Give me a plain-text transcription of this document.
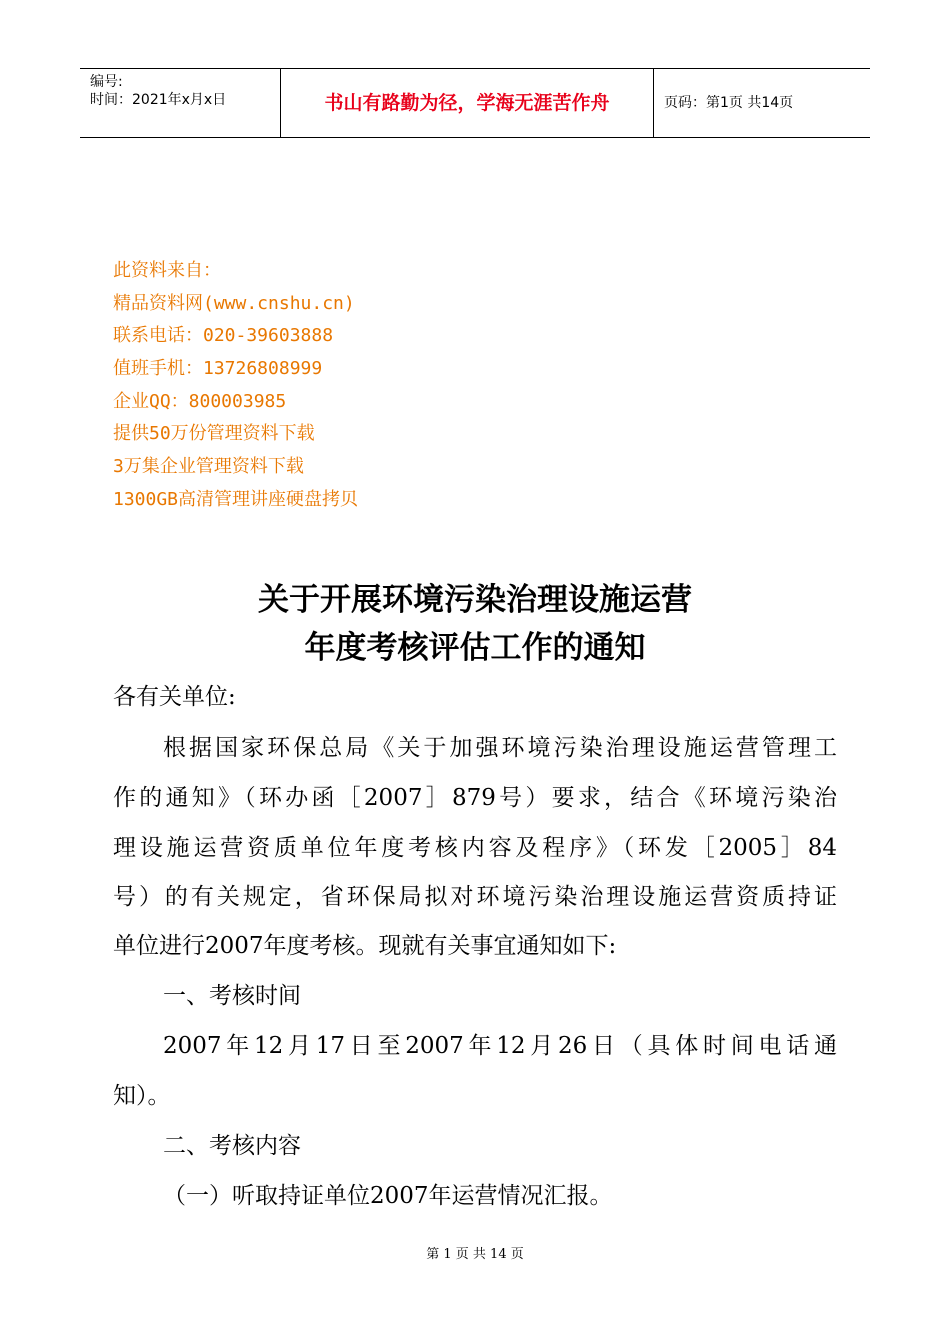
编号:
时间：2021年x月x日	书山有路勤为径，学海无涯苦作舟	页码：第1页 共14页
此资料来自：
精品资料网(www.cnshu.cn)
联系电话：020-39603888
值班手机：13726808999
企业QQ：800003985
提供50万份管理资料下载
3万集企业管理资料下载
1300GB高清管理讲座硬盘拷贝
关于开展环境污染治理设施运营
年度考核评估工作的通知
各有关单位:
根据国家环保总局《关于加强环境污染治理设施运营管理工
作的通知》（环办函［2007］879号）要求，结合《环境污染治
理设施运营资质单位年度考核内容及程序》（环发［2005］84
号）的有关规定，省环保局拟对环境污染治理设施运营资质持证
单位进行2007年度考核。现就有关事宜通知如下:
一、考核时间
2007年12月17日至2007年12月26日（具体时间电话通
知）。
二、考核内容
（一）听取持证单位2007年运营情况汇报。
第 1 页 共 14 页
